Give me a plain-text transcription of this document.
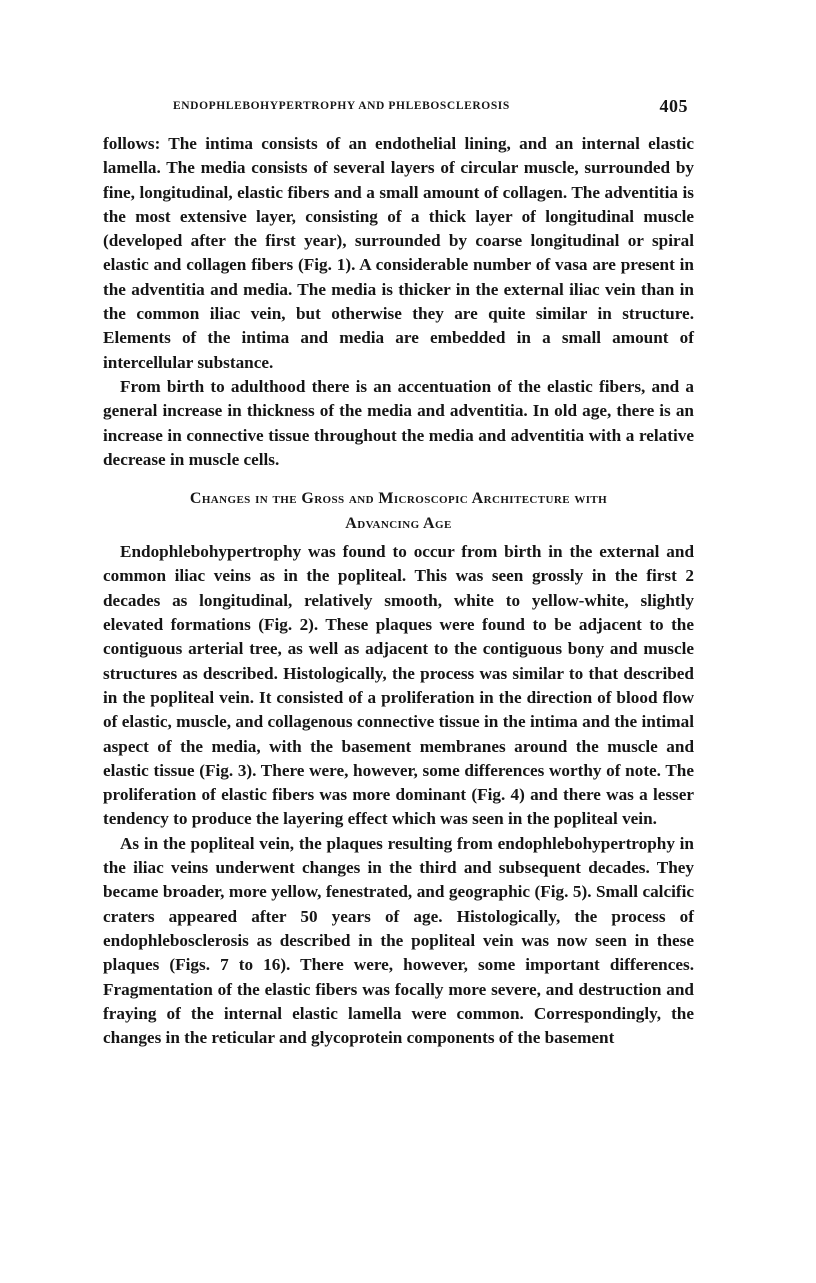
ENDOPHLEBOHYPERTROPHY AND PHLEBOSCLEROSIS	405

follows: The intima consists of an endothelial lining, and an internal elastic lamella. The media consists of several layers of circular muscle, surrounded by fine, longitudinal, elastic fibers and a small amount of collagen. The adventitia is the most extensive layer, consisting of a thick layer of longitudinal muscle (developed after the first year), surrounded by coarse longitudinal or spiral elastic and collagen fibers (Fig. 1). A considerable number of vasa are present in the adventitia and media. The media is thicker in the external iliac vein than in the common iliac vein, but otherwise they are quite similar in structure. Elements of the intima and media are embedded in a small amount of intercellular substance.

From birth to adulthood there is an accentuation of the elastic fibers, and a general increase in thickness of the media and adventitia. In old age, there is an increase in connective tissue throughout the media and adventitia with a relative decrease in muscle cells.

Changes in the Gross and Microscopic Architecture with
Advancing Age

Endophlebohypertrophy was found to occur from birth in the external and common iliac veins as in the popliteal. This was seen grossly in the first 2 decades as longitudinal, relatively smooth, white to yellow-white, slightly elevated formations (Fig. 2). These plaques were found to be adjacent to the contiguous arterial tree, as well as adjacent to the contiguous bony and muscle structures as described. Histologically, the process was similar to that described in the popliteal vein. It consisted of a proliferation in the direction of blood flow of elastic, muscle, and collagenous connective tissue in the intima and the intimal aspect of the media, with the basement membranes around the muscle and elastic tissue (Fig. 3). There were, however, some differences worthy of note. The proliferation of elastic fibers was more dominant (Fig. 4) and there was a lesser tendency to produce the layering effect which was seen in the popliteal vein.

As in the popliteal vein, the plaques resulting from endophlebohypertrophy in the iliac veins underwent changes in the third and subsequent decades. They became broader, more yellow, fenestrated, and geographic (Fig. 5). Small calcific craters appeared after 50 years of age. Histologically, the process of endophlebosclerosis as described in the popliteal vein was now seen in these plaques (Figs. 7 to 16). There were, however, some important differences. Fragmentation of the elastic fibers was focally more severe, and destruction and fraying of the internal elastic lamella were common. Correspondingly, the changes in the reticular and glycoprotein components of the basement
